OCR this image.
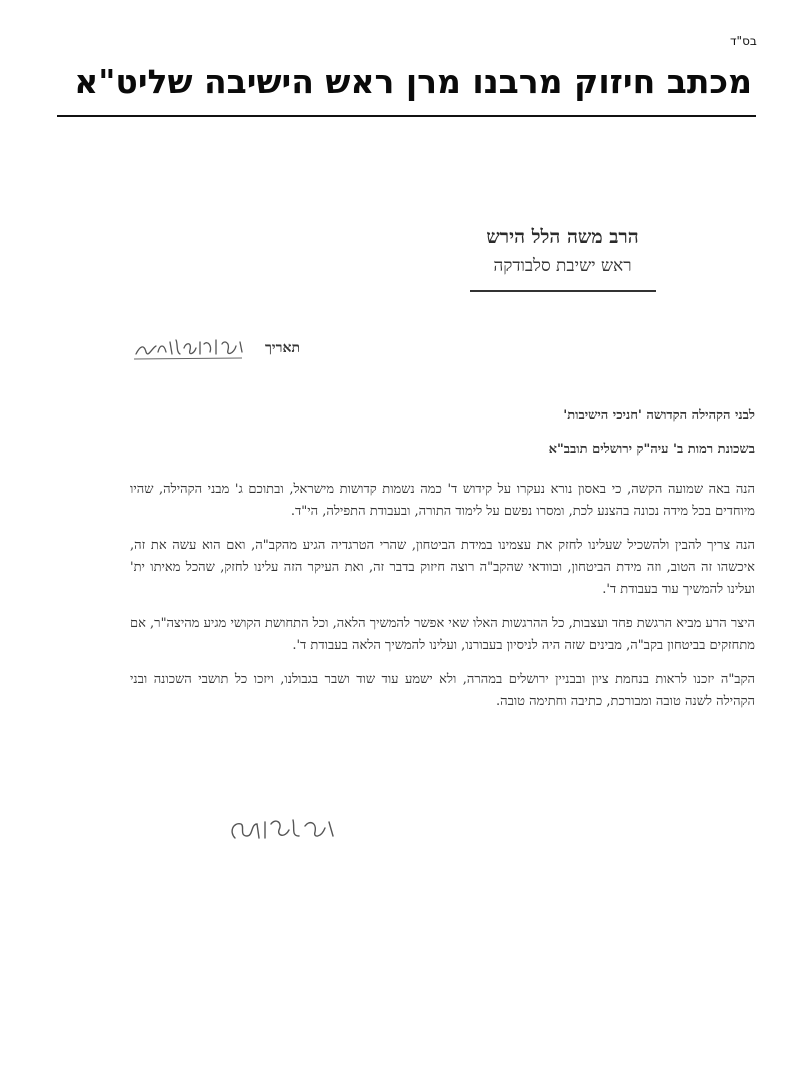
בס"ד
מכתב חיזוק מרבנו מרן ראש הישיבה שליט"א
הרב משה הלל הירש
ראש ישיבת סלבודקה
תאריך

לבני הקהילה הקדושה 'חניכי הישיבות'

בשכונת רמות ב' עיה"ק ירושלים תובב"א

הנה באה שמועה הקשה, כי באסון נורא נעקרו על קידוש ד' כמה נשמות קדושות מישראל, ובתוכם ג' מבני הקהילה, שהיו מיוחדים בכל מידה נכונה בהצנע לכת, ומסרו נפשם על לימוד התורה, ובעבודת התפילה, הי"ד.

הנה צריך להבין ולהשכיל שעלינו לחזק את עצמינו במידת הביטחון, שהרי הטרגדיה הגיע מהקב"ה, ואם הוא עשה את זה, איכשהו זה הטוב, וזה מידת הביטחון, ובוודאי שהקב"ה רוצה חיזוק בדבר זה, ואת העיקר הזה עלינו לחזק, שהכל מאיתו ית' ועלינו להמשיך עוד בעבודת ד'.

היצר הרע מביא הרגשת פחד ועצבות, כל ההרגשות האלו שאי אפשר להמשיך הלאה, וכל התחושת הקושי מגיע מהיצה"ר, אם מתחזקים בביטחון בקב"ה, מבינים שזה היה לניסיון בעבורנו, ועלינו להמשיך הלאה בעבודת ד'.

הקב"ה יזכנו לראות בנחמת ציון ובבניין ירושלים במהרה, ולא ישמע עוד שוד ושבר בגבולנו, ויזכו כל תושבי השכונה ובני הקהילה לשנה טובה ומבורכת, כתיבה וחתימה טובה.
